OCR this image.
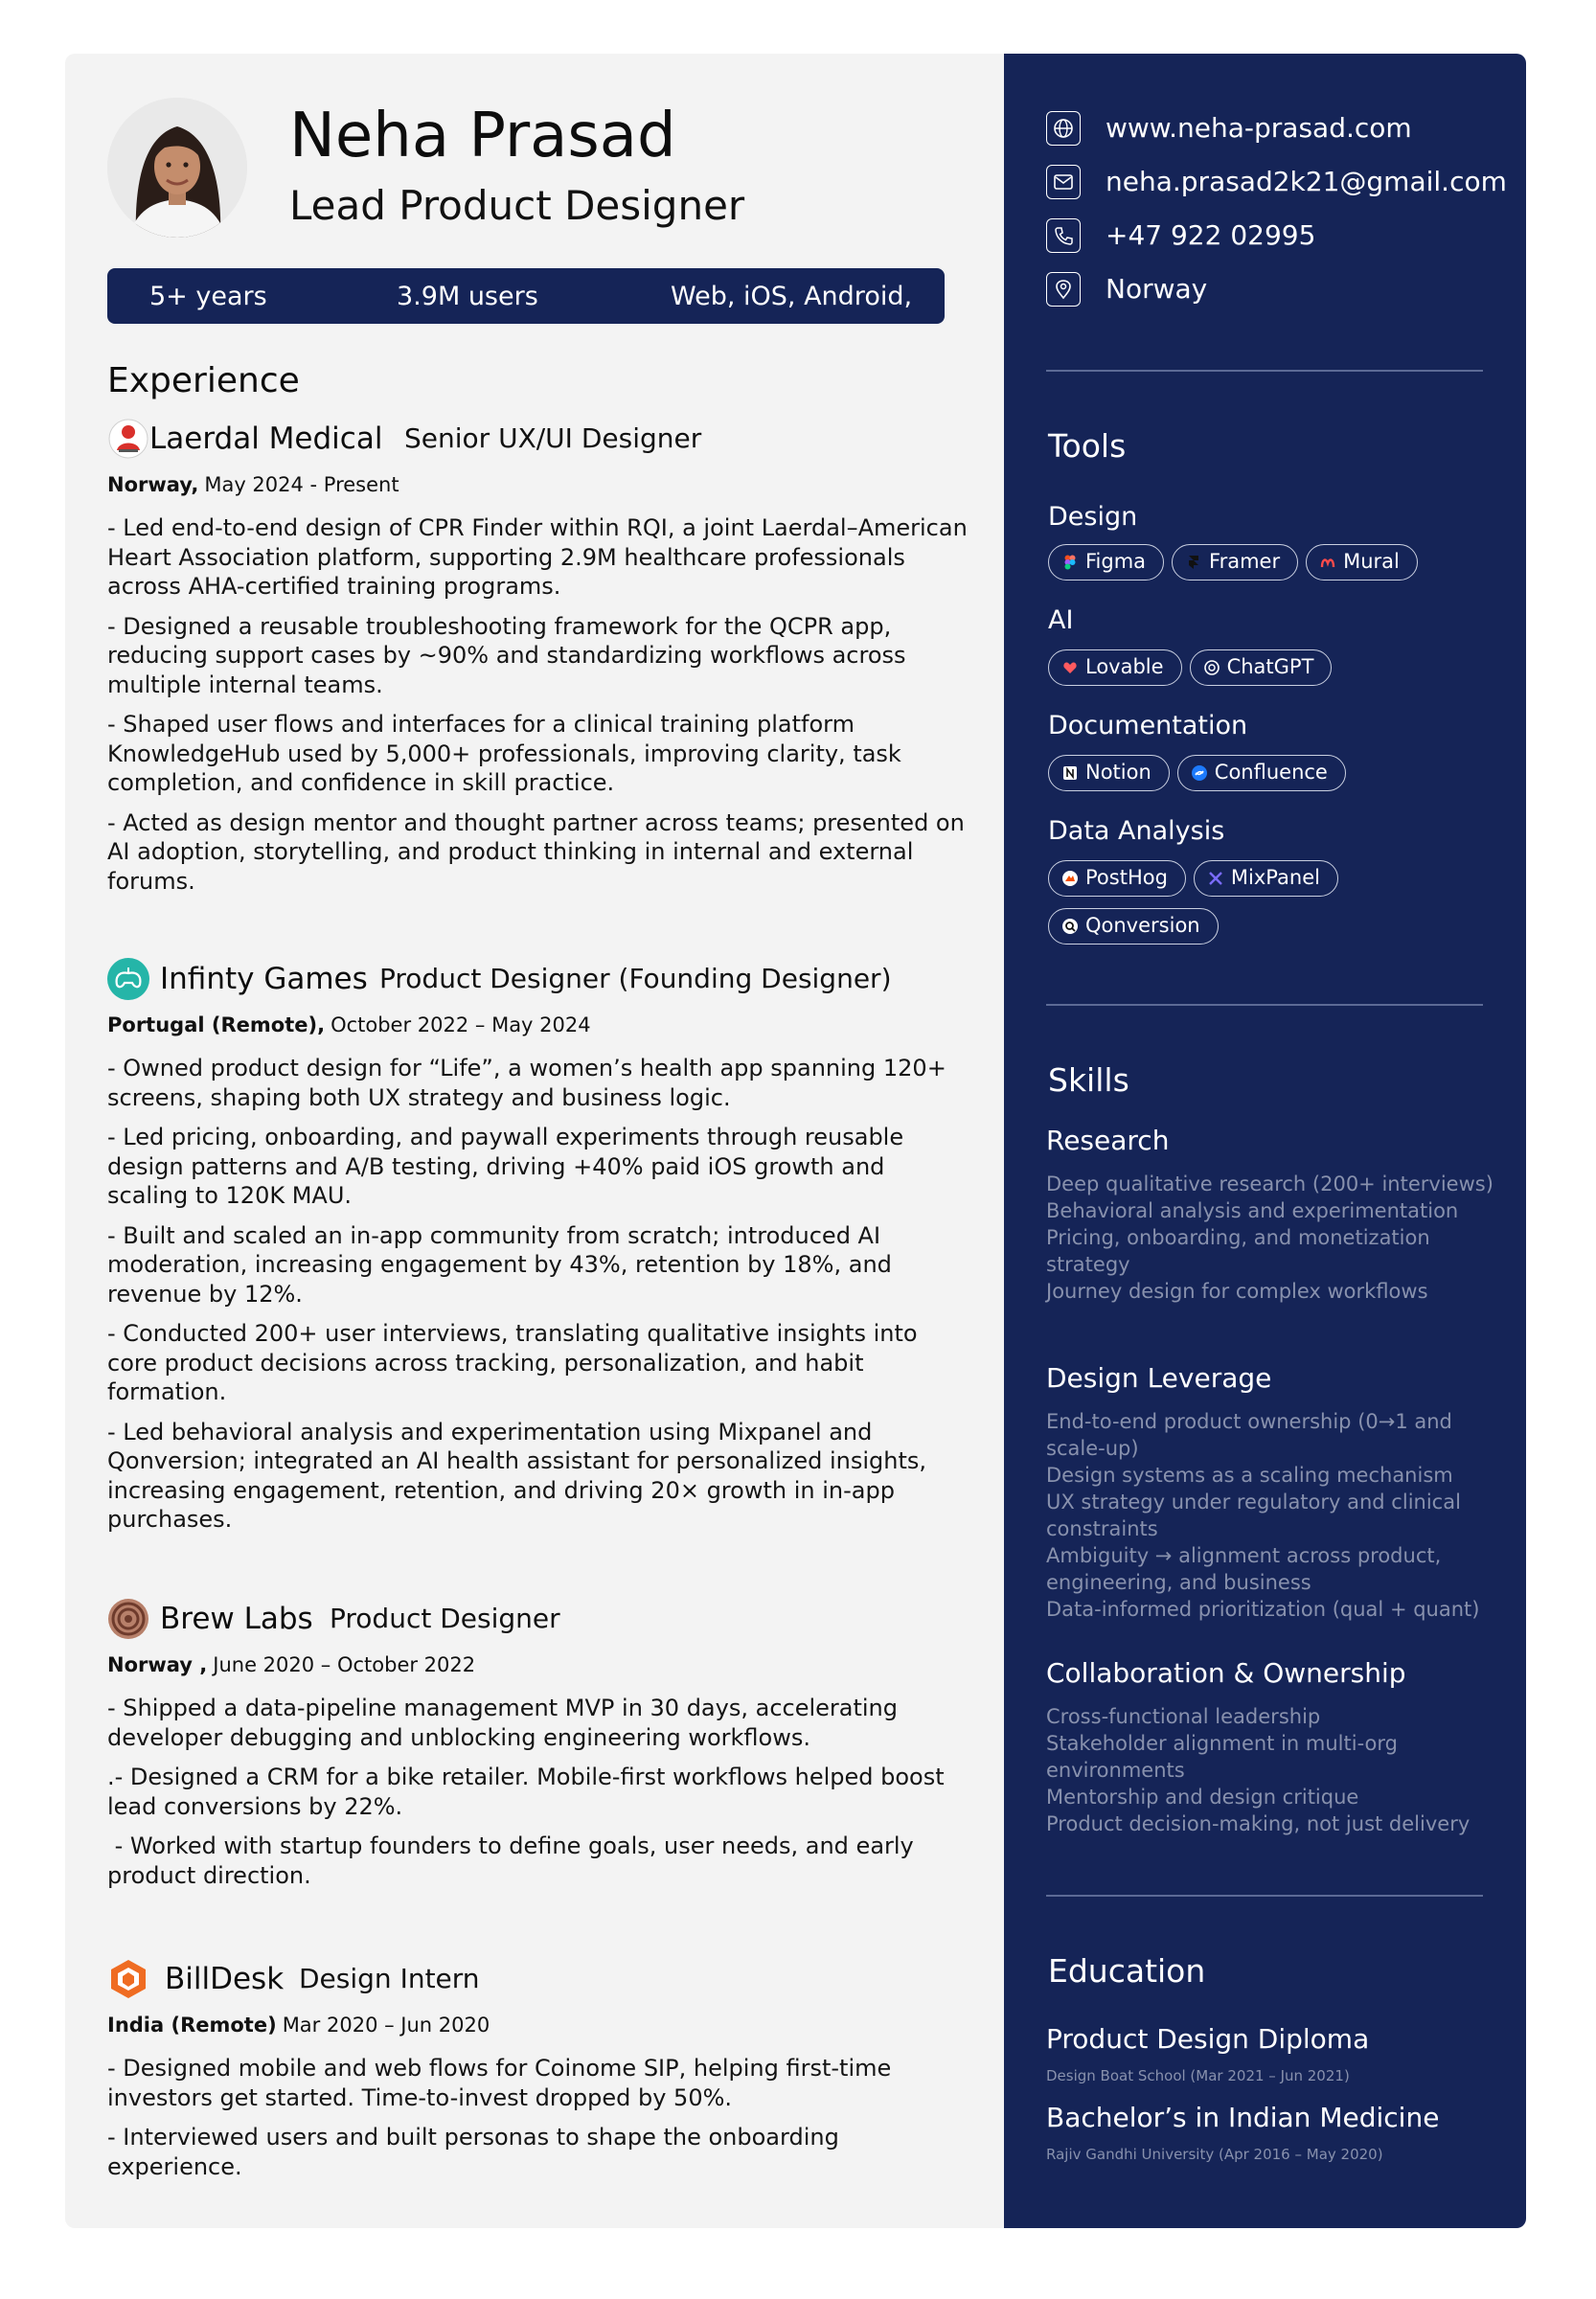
Neha Prasad
Lead Product Designer
5+ years	3.9M users	Web, iOS, Android,
Experience
Laerdal Medical Senior UX/UI Designer
Norway, May 2024 - Present
- Led end-to-end design of CPR Finder within RQI, a joint Laerdal–American Heart Association platform, supporting 2.9M healthcare professionals across AHA-certified training programs.
- Designed a reusable troubleshooting framework for the QCPR app, reducing support cases by ~90% and standardizing workflows across multiple internal teams.
- Shaped user flows and interfaces for a clinical training platform KnowledgeHub used by 5,000+ professionals, improving clarity, task completion, and confidence in skill practice.
- Acted as design mentor and thought partner across teams; presented on AI adoption, storytelling, and product thinking in internal and external forums.
Infinty Games Product Designer (Founding Designer)
Portugal (Remote), October 2022 – May 2024
- Owned product design for “Life”, a women’s health app spanning 120+ screens, shaping both UX strategy and business logic.
- Led pricing, onboarding, and paywall experiments through reusable design patterns and A/B testing, driving +40% paid iOS growth and scaling to 120K MAU.
- Built and scaled an in-app community from scratch; introduced AI moderation, increasing engagement by 43%, retention by 18%, and revenue by 12%.
- Conducted 200+ user interviews, translating qualitative insights into core product decisions across tracking, personalization, and habit formation.
- Led behavioral analysis and experimentation using Mixpanel and Qonversion; integrated an AI health assistant for personalized insights, increasing engagement, retention, and driving 20× growth in in-app purchases.
Brew Labs Product Designer
Norway , June 2020 – October 2022
- Shipped a data-pipeline management MVP in 30 days, accelerating developer debugging and unblocking engineering workflows.
.- Designed a CRM for a bike retailer. Mobile-first workflows helped boost lead conversions by 22%.
- Worked with startup founders to define goals, user needs, and early product direction.
BillDesk Design Intern
India (Remote) Mar 2020 – Jun 2020
- Designed mobile and web flows for Coinome SIP, helping first-time investors get started. Time-to-invest dropped by 50%.
- Interviewed users and built personas to shape the onboarding experience.
www.neha-prasad.com
neha.prasad2k21@gmail.com
+47 922 02995
Norway
Tools
Design
Figma	Framer	Mural
AI
Lovable	ChatGPT
Documentation
Notion	Confluence
Data Analysis
PostHog	MixPanelQonversion
Skills
Research
Deep qualitative research (200+ interviews)
Behavioral analysis and experimentation
Pricing, onboarding, and monetization strategy
Journey design for complex workflows
Design Leverage
End-to-end product ownership (0→1 and scale-up)
Design systems as a scaling mechanism
UX strategy under regulatory and clinical constraints
Ambiguity → alignment across product, engineering, and business
Data-informed prioritization (qual + quant)
Collaboration & Ownership
Cross-functional leadership
Stakeholder alignment in multi-org environments
Mentorship and design critique
Product decision-making, not just delivery
Education
Product Design Diploma
Design Boat School (Mar 2021 – Jun 2021)
Bachelor’s in Indian Medicine
Rajiv Gandhi University (Apr 2016 – May 2020)
